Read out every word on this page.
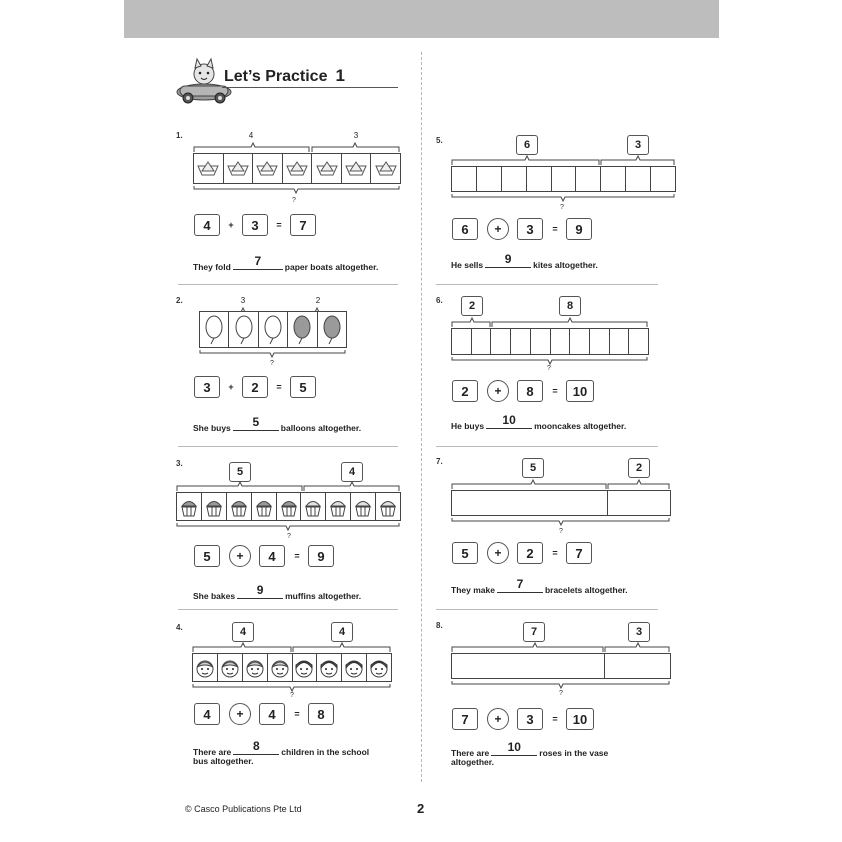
Let’s Practice 1
1.	4	3
?
4	+	3	=	7
They fold	7	paper boats altogether.
2.	3	2
?
3	+	2	=	5
She buys	5	balloons altogether.
3.
5	4
?
5	+	4	=	9
She bakes	9	muffins altogether.
4.	4	4
?
4	+	4	=	8
There are	8	children in the school
bus altogether.
5.	6	3
?
6	+	3	=	9
He sells	9	kites altogether.
6.	2	8
?
2	+	8	=	10
He buys	10	mooncakes altogether.
7.
5	2
?
5	+	2	=	7
They make	7	bracelets altogether.
8.
7	3
?
7	+	3	=	10
There are	10	roses in the vase
altogether.
© Casco Publications Pte Ltd	2
